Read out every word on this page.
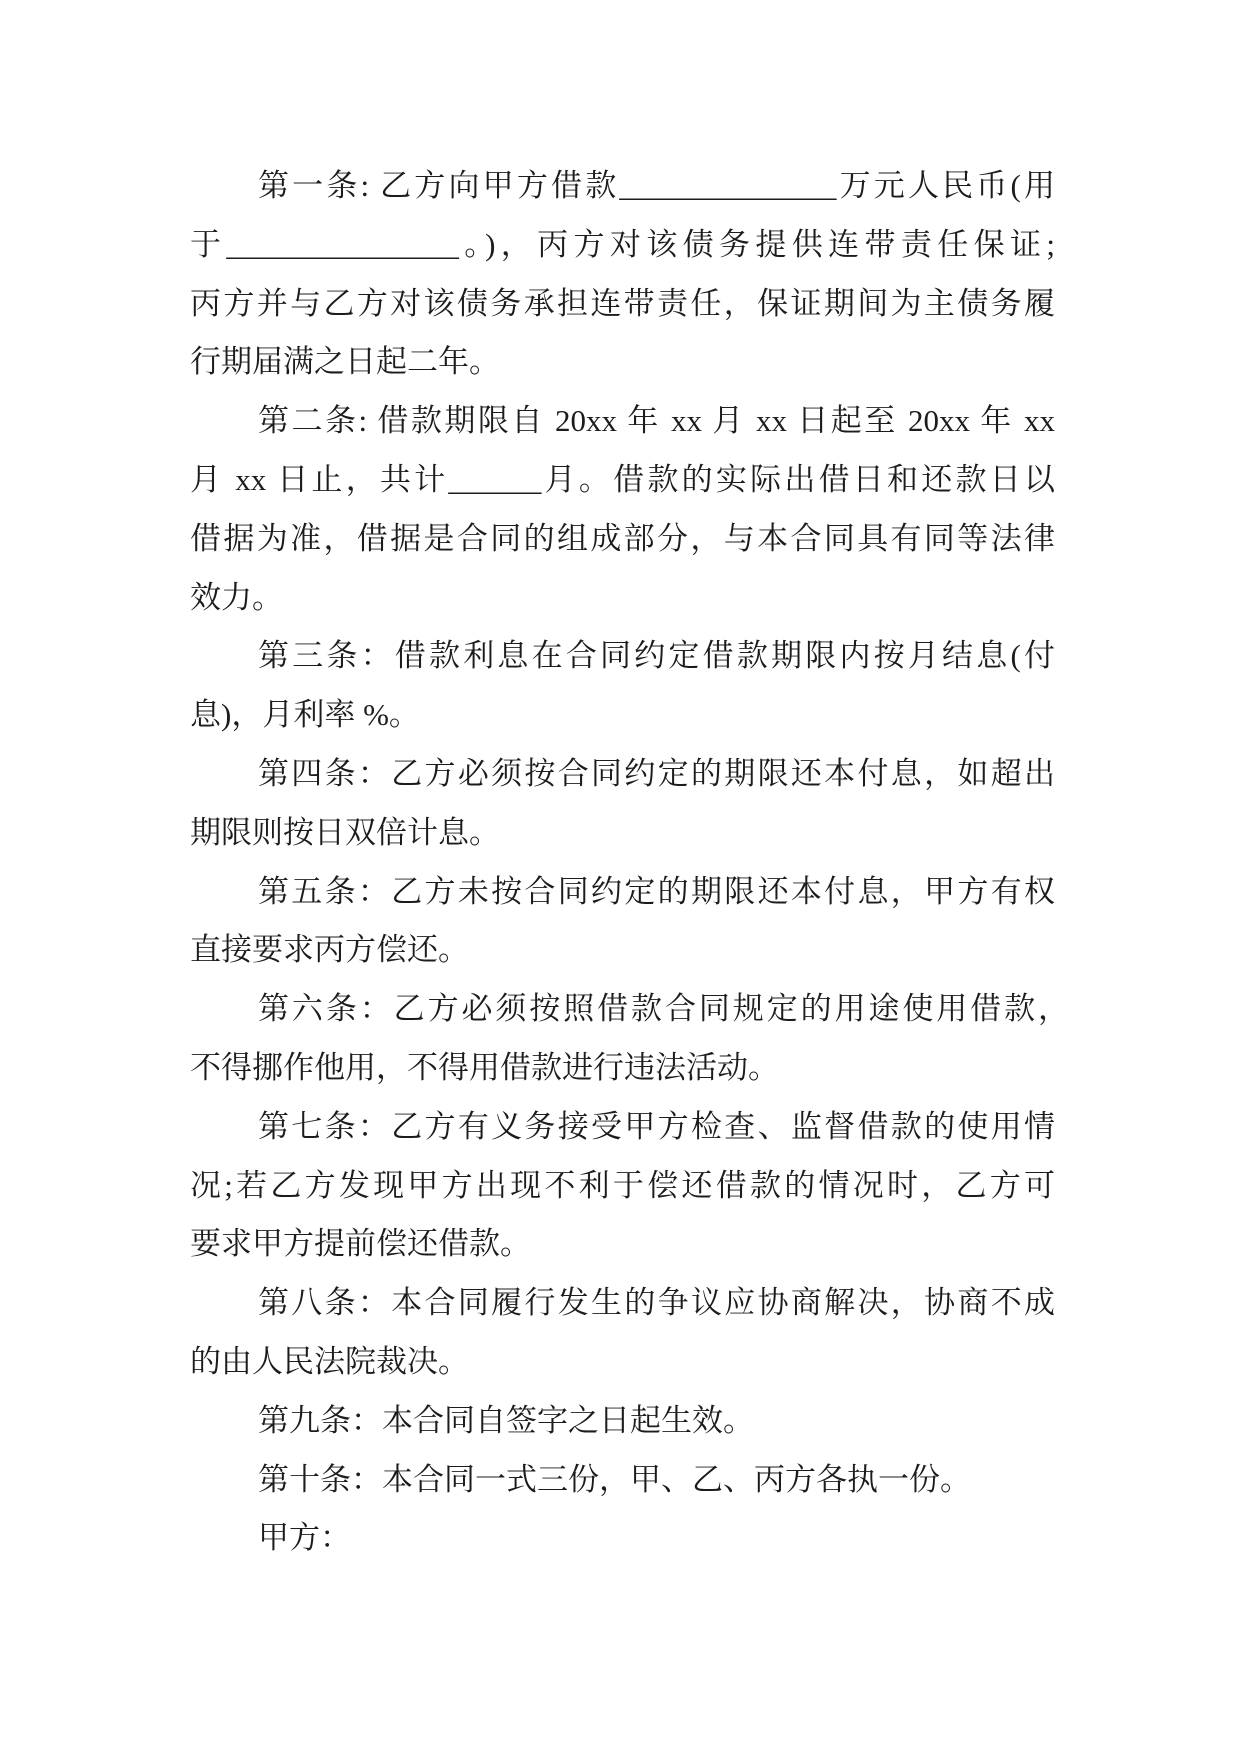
第一条: 乙方向甲方借款______________万元人民币(用
于_______________。)，丙方对该债务提供连带责任保证;
丙方并与乙方对该债务承担连带责任，保证期间为主债务履
行期届满之日起二年。
第二条: 借款期限自 20xx 年 xx 月 xx 日起至 20xx 年 xx
月 xx 日止，共计______月。借款的实际出借日和还款日以
借据为准，借据是合同的组成部分，与本合同具有同等法律
效力。
第三条：借款利息在合同约定借款期限内按月结息(付
息)，月利率 %。
第四条：乙方必须按合同约定的期限还本付息，如超出
期限则按日双倍计息。
第五条：乙方未按合同约定的期限还本付息，甲方有权
直接要求丙方偿还。
第六条：乙方必须按照借款合同规定的用途使用借款，
不得挪作他用，不得用借款进行违法活动。
第七条：乙方有义务接受甲方检查、监督借款的使用情
况;若乙方发现甲方出现不利于偿还借款的情况时，乙方可
要求甲方提前偿还借款。
第八条：本合同履行发生的争议应协商解决，协商不成
的由人民法院裁决。
第九条：本合同自签字之日起生效。
第十条：本合同一式三份，甲、乙、丙方各执一份。
甲方：
